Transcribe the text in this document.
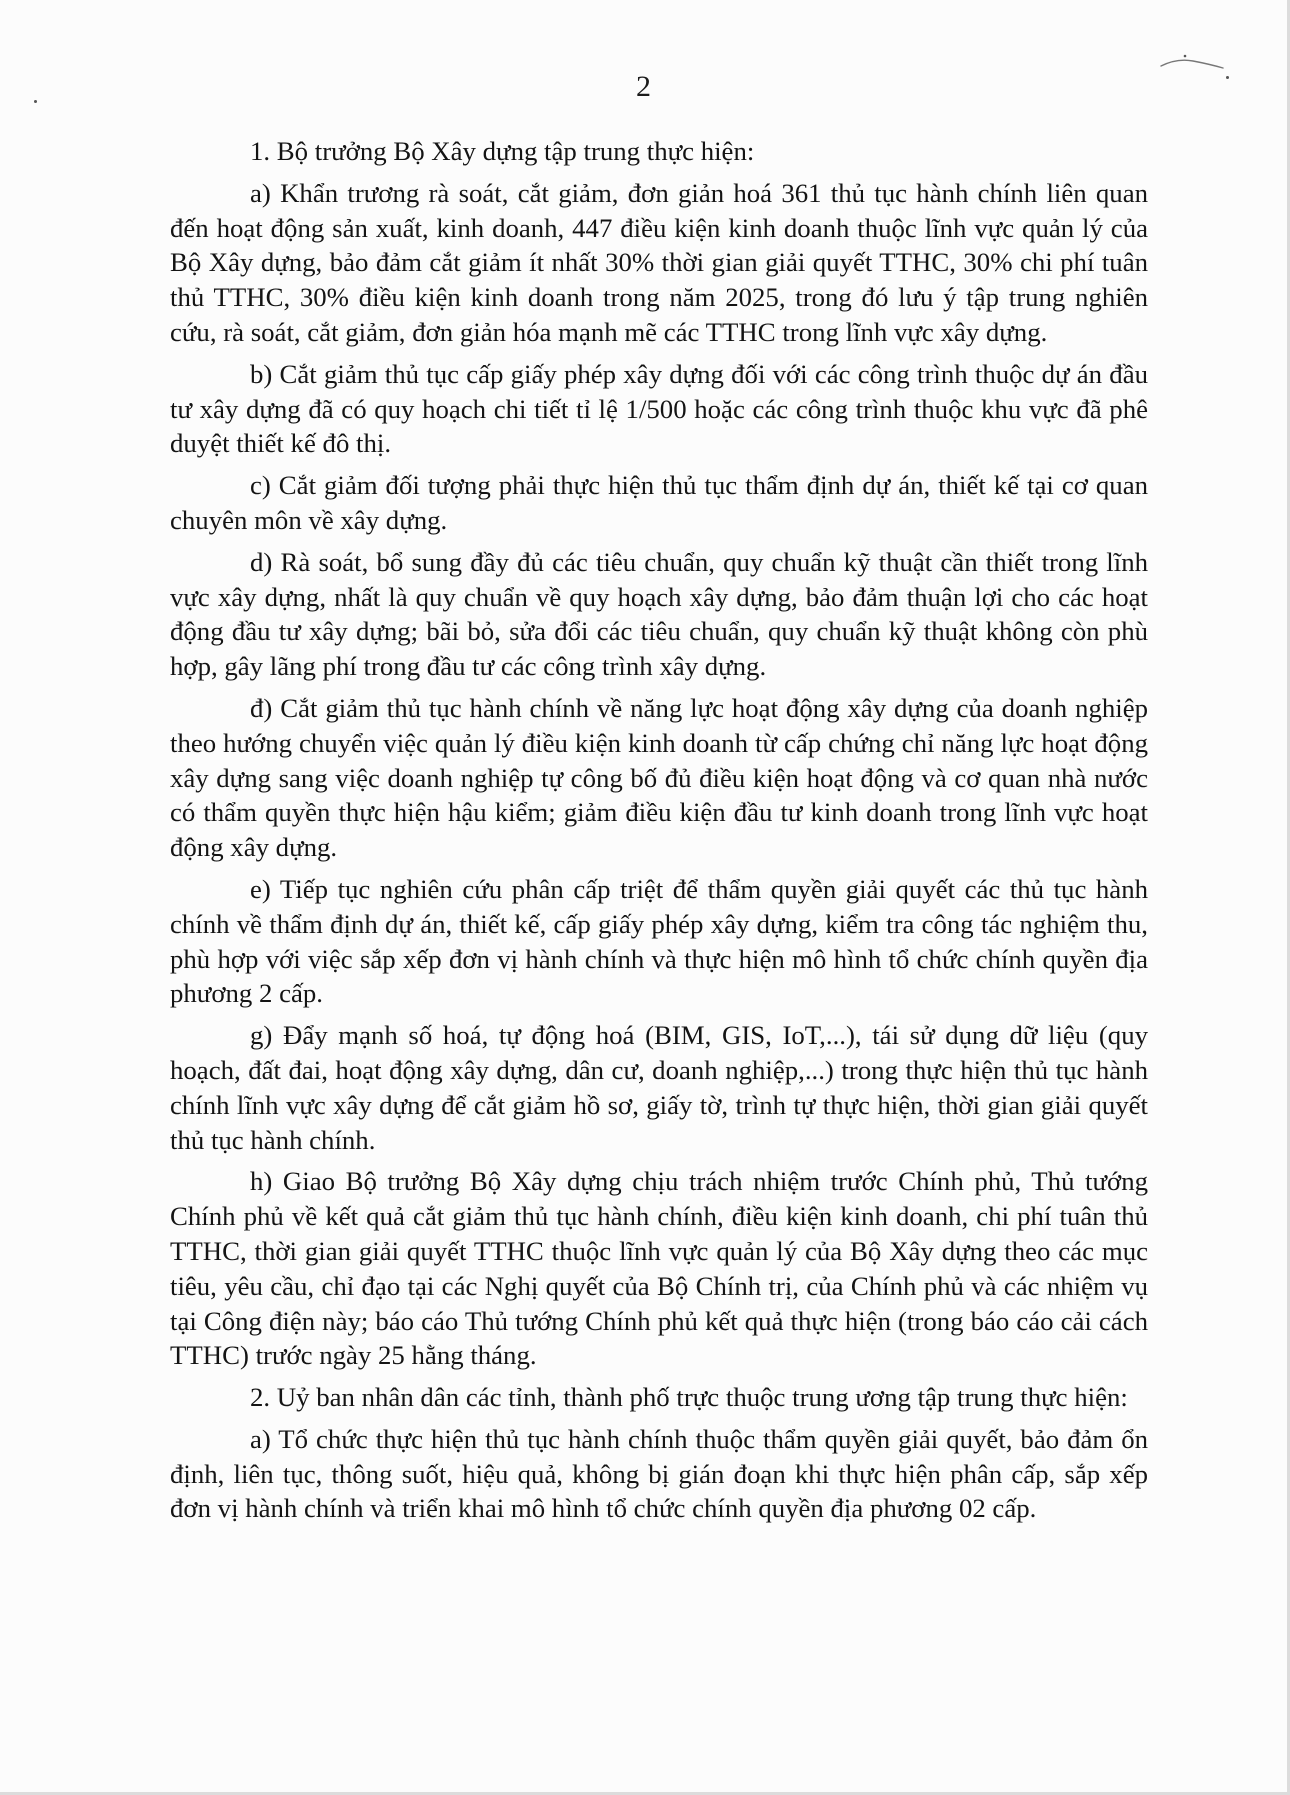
2

1. Bộ trưởng Bộ Xây dựng tập trung thực hiện:

a) Khẩn trương rà soát, cắt giảm, đơn giản hoá 361 thủ tục hành chính liên quan đến hoạt động sản xuất, kinh doanh, 447 điều kiện kinh doanh thuộc lĩnh vực quản lý của Bộ Xây dựng, bảo đảm cắt giảm ít nhất 30% thời gian giải quyết TTHC, 30% chi phí tuân thủ TTHC, 30% điều kiện kinh doanh trong năm 2025, trong đó lưu ý tập trung nghiên cứu, rà soát, cắt giảm, đơn giản hóa mạnh mẽ các TTHC trong lĩnh vực xây dựng.

b) Cắt giảm thủ tục cấp giấy phép xây dựng đối với các công trình thuộc dự án đầu tư xây dựng đã có quy hoạch chi tiết tỉ lệ 1/500 hoặc các công trình thuộc khu vực đã phê duyệt thiết kế đô thị.

c) Cắt giảm đối tượng phải thực hiện thủ tục thẩm định dự án, thiết kế tại cơ quan chuyên môn về xây dựng.

d) Rà soát, bổ sung đầy đủ các tiêu chuẩn, quy chuẩn kỹ thuật cần thiết trong lĩnh vực xây dựng, nhất là quy chuẩn về quy hoạch xây dựng, bảo đảm thuận lợi cho các hoạt động đầu tư xây dựng; bãi bỏ, sửa đổi các tiêu chuẩn, quy chuẩn kỹ thuật không còn phù hợp, gây lãng phí trong đầu tư các công trình xây dựng.

đ) Cắt giảm thủ tục hành chính về năng lực hoạt động xây dựng của doanh nghiệp theo hướng chuyển việc quản lý điều kiện kinh doanh từ cấp chứng chỉ năng lực hoạt động xây dựng sang việc doanh nghiệp tự công bố đủ điều kiện hoạt động và cơ quan nhà nước có thẩm quyền thực hiện hậu kiểm; giảm điều kiện đầu tư kinh doanh trong lĩnh vực hoạt động xây dựng.

e) Tiếp tục nghiên cứu phân cấp triệt để thẩm quyền giải quyết các thủ tục hành chính về thẩm định dự án, thiết kế, cấp giấy phép xây dựng, kiểm tra công tác nghiệm thu, phù hợp với việc sắp xếp đơn vị hành chính và thực hiện mô hình tổ chức chính quyền địa phương 2 cấp.

g) Đẩy mạnh số hoá, tự động hoá (BIM, GIS, IoT,...), tái sử dụng dữ liệu (quy hoạch, đất đai, hoạt động xây dựng, dân cư, doanh nghiệp,...) trong thực hiện thủ tục hành chính lĩnh vực xây dựng để cắt giảm hồ sơ, giấy tờ, trình tự thực hiện, thời gian giải quyết thủ tục hành chính.

h) Giao Bộ trưởng Bộ Xây dựng chịu trách nhiệm trước Chính phủ, Thủ tướng Chính phủ về kết quả cắt giảm thủ tục hành chính, điều kiện kinh doanh, chi phí tuân thủ TTHC, thời gian giải quyết TTHC thuộc lĩnh vực quản lý của Bộ Xây dựng theo các mục tiêu, yêu cầu, chỉ đạo tại các Nghị quyết của Bộ Chính trị, của Chính phủ và các nhiệm vụ tại Công điện này; báo cáo Thủ tướng Chính phủ kết quả thực hiện (trong báo cáo cải cách TTHC) trước ngày 25 hằng tháng.

2. Uỷ ban nhân dân các tỉnh, thành phố trực thuộc trung ương tập trung thực hiện:

a) Tổ chức thực hiện thủ tục hành chính thuộc thẩm quyền giải quyết, bảo đảm ổn định, liên tục, thông suốt, hiệu quả, không bị gián đoạn khi thực hiện phân cấp, sắp xếp đơn vị hành chính và triển khai mô hình tổ chức chính quyền địa phương 02 cấp.
